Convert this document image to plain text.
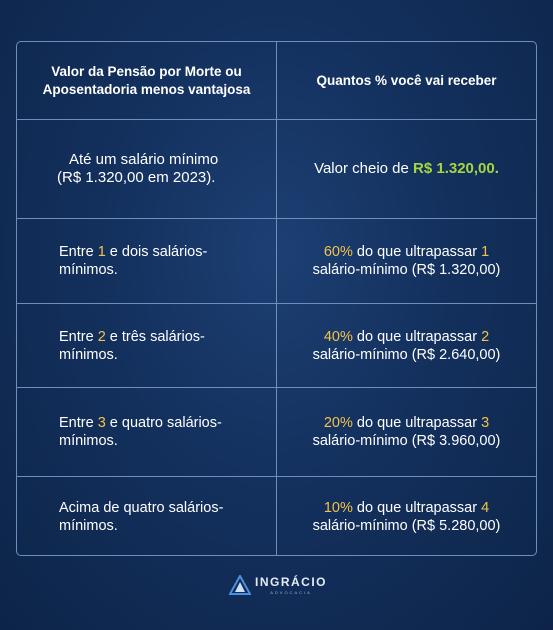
Valor da Pensão por Morte ou Aposentadoria menos vantajosa
Quantos % você vai receber
Até um salário mínimo
(R$ 1.320,00 em 2023).
Valor cheio de R$ 1.320,00.
Entre 1 e dois salários-
mínimos.
60% do que ultrapassar 1
salário-mínimo (R$ 1.320,00)
Entre 2 e três salários-
mínimos.
40% do que ultrapassar 2
salário-mínimo (R$ 2.640,00)
Entre 3 e quatro salários-
mínimos.
20% do que ultrapassar 3
salário-mínimo (R$ 3.960,00)
Acima de quatro salários-
mínimos.
10% do que ultrapassar 4
salário-mínimo (R$ 5.280,00)
INGRÁCIO
ADVOCACIA
